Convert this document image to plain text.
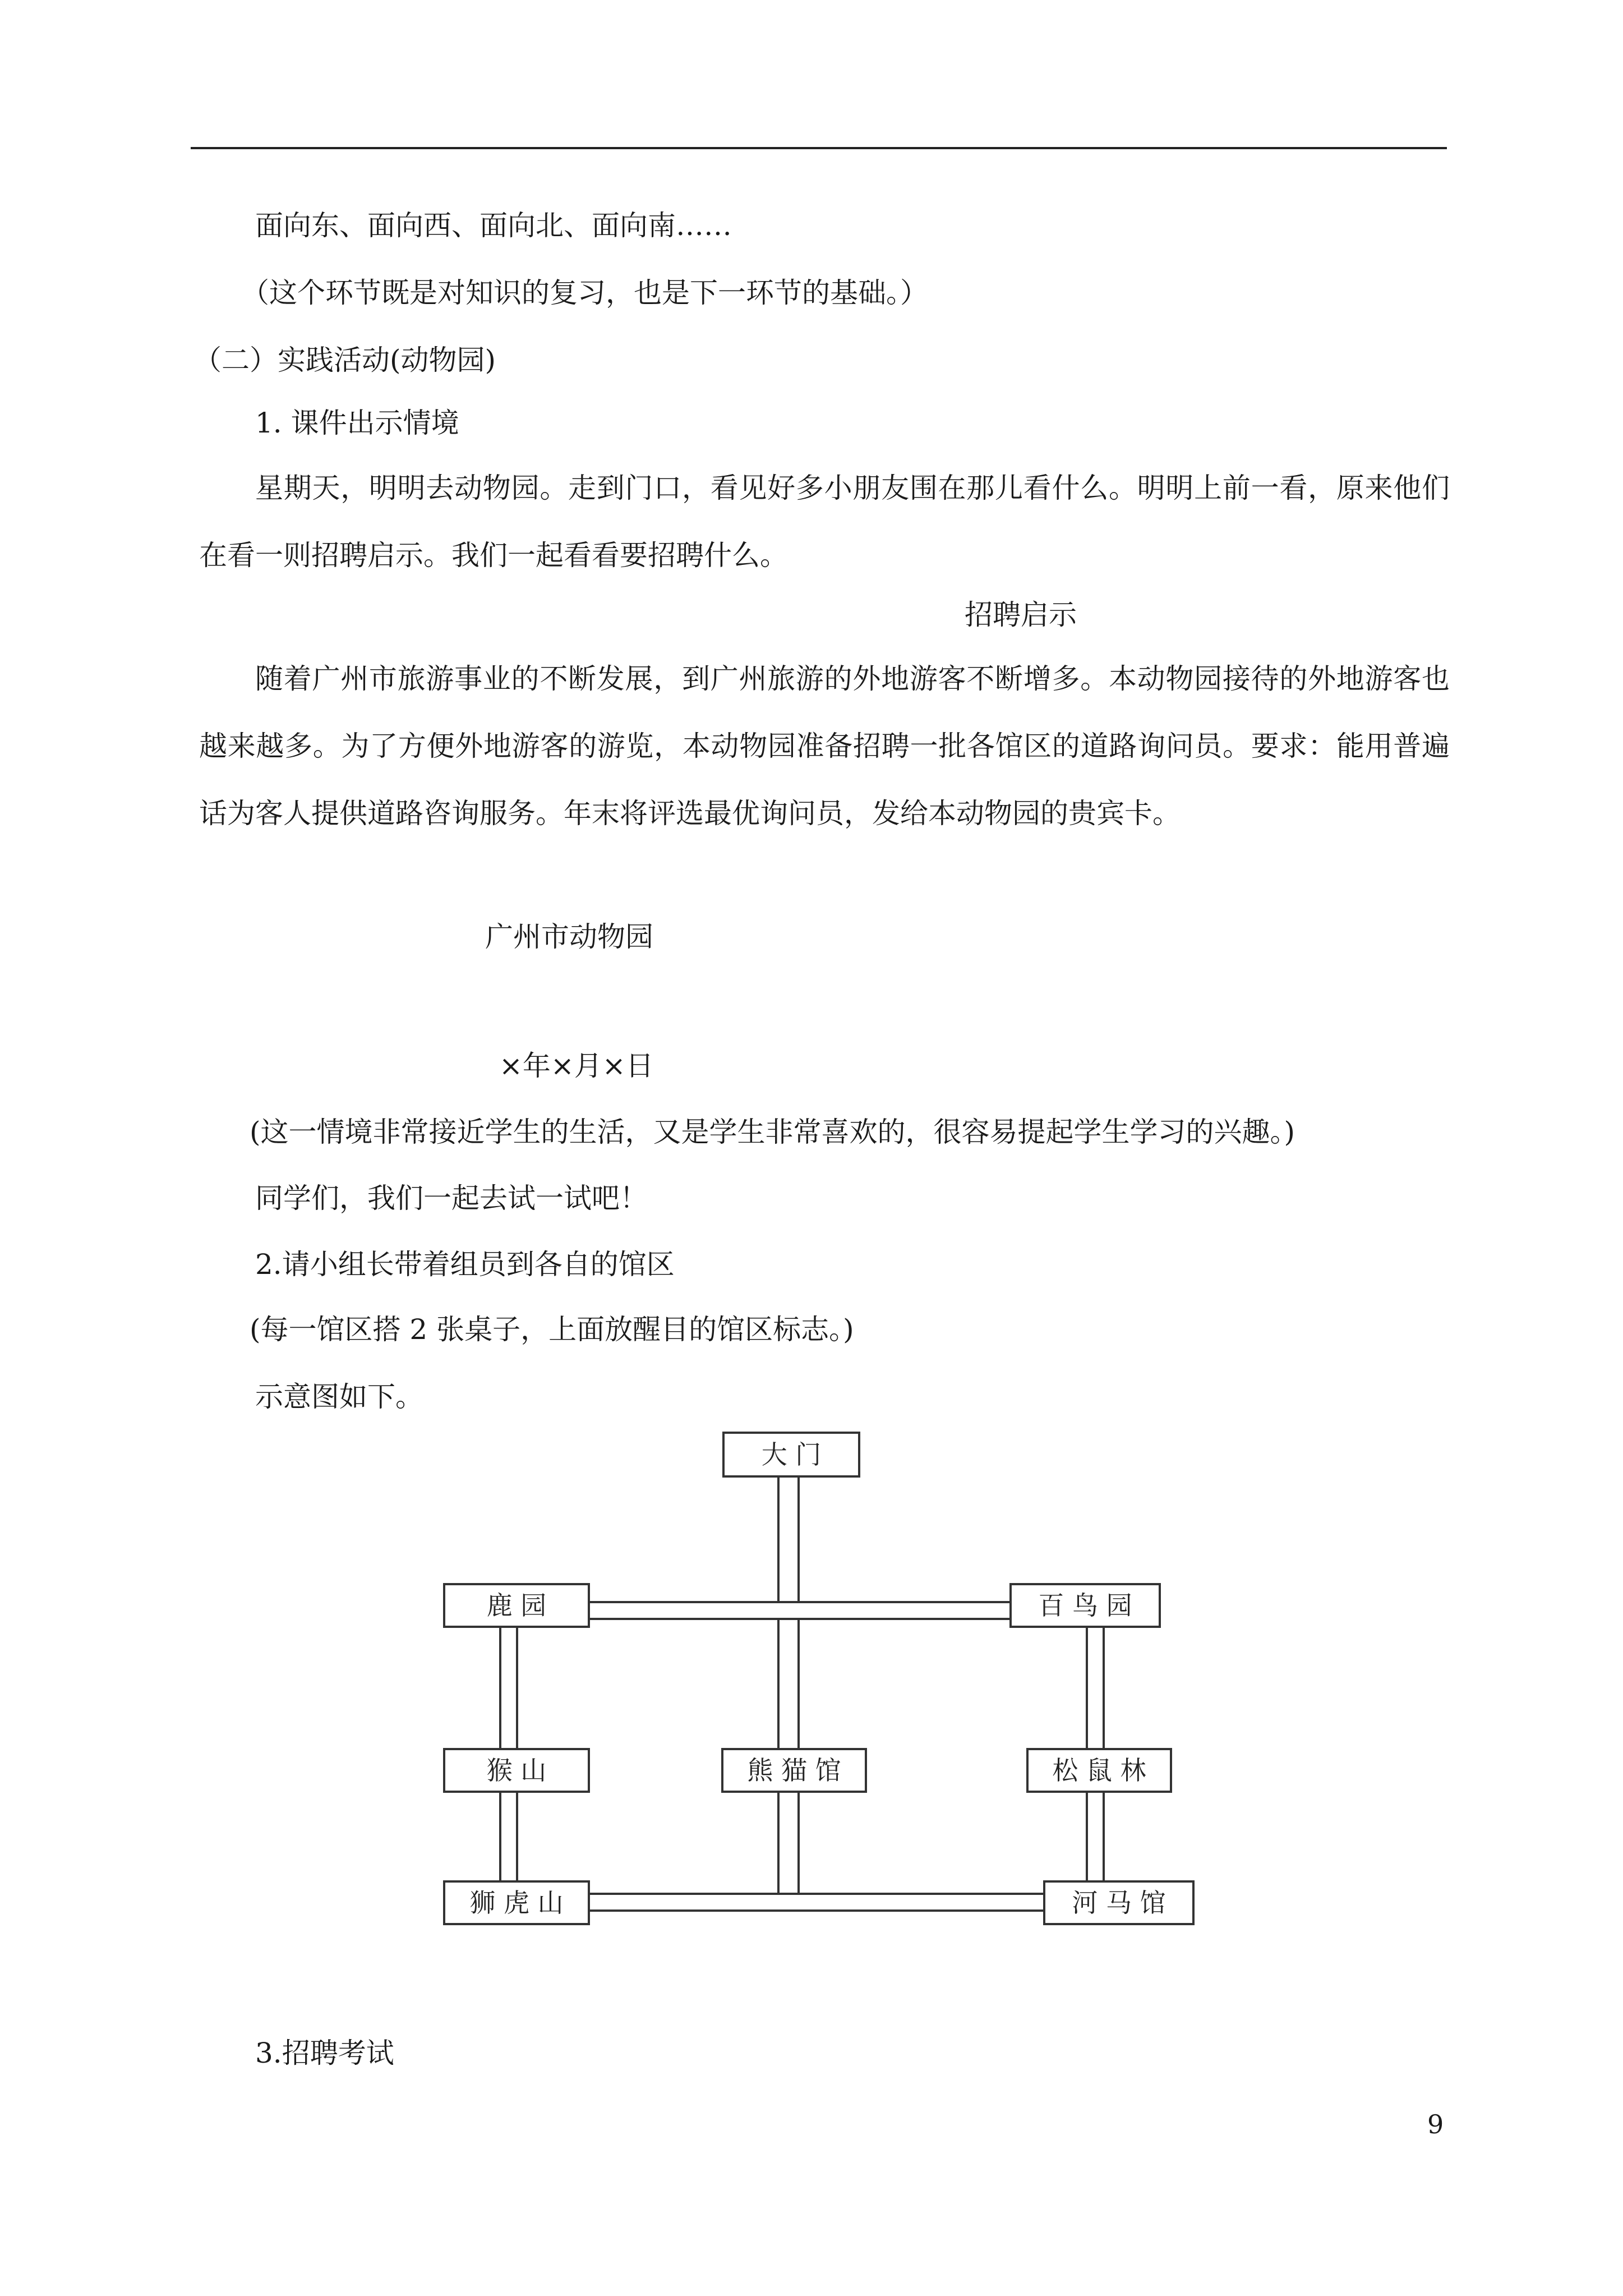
面向东、面向西、面向北、面向南……
（这个环节既是对知识的复习，也是下一环节的基础。）
（二）实践活动(动物园)
1. 课件出示情境
星期天，明明去动物园。走到门口，看见好多小朋友围在那儿看什么。明明上前一看，原来他们在看一则招聘启示。我们一起看看要招聘什么。
招聘启示
随着广州市旅游事业的不断发展，到广州旅游的外地游客不断增多。本动物园接待的外地游客也越来越多。为了方便外地游客的游览，本动物园准备招聘一批各馆区的道路询问员。要求：能用普遍话为客人提供道路咨询服务。年末将评选最优询问员，发给本动物园的贵宾卡。
广州市动物园
×年×月×日
(这一情境非常接近学生的生活，又是学生非常喜欢的，很容易提起学生学习的兴趣。)
同学们，我们一起去试一试吧！
2.请小组长带着组员到各自的馆区
(每一馆区搭 2 张桌子，上面放醒目的馆区标志。)
示意图如下。
大 门
鹿 园	百 鸟 园
猴 山	熊 猫 馆	松 鼠 林
狮 虎 山	河 马 馆
3.招聘考试
9
